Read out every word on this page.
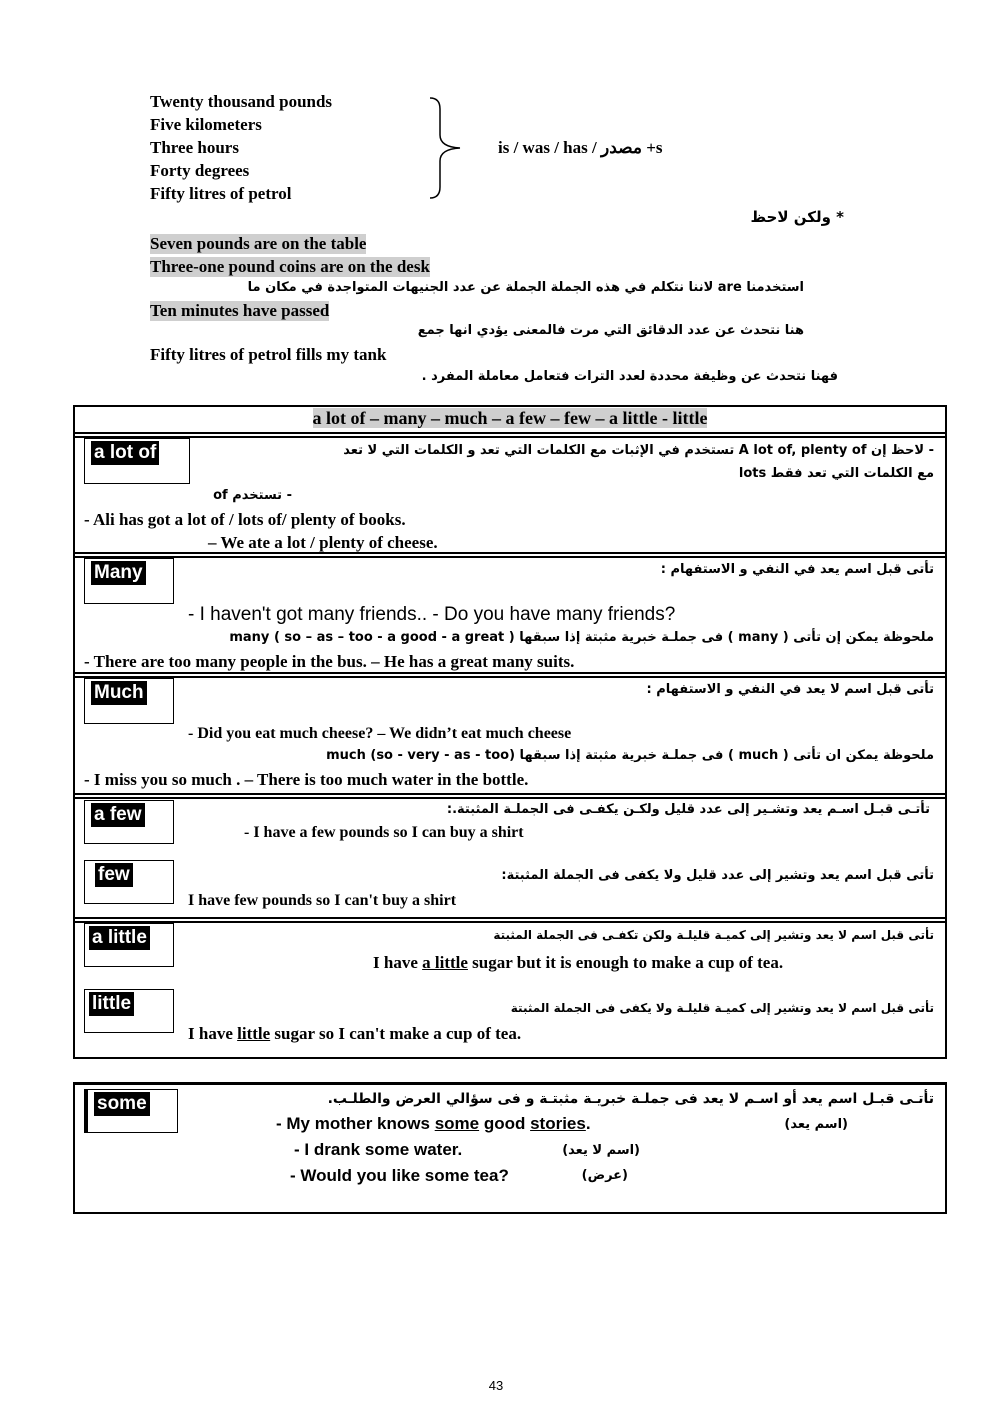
Twenty thousand pounds
Five kilometers
Three hours
Forty degrees
Fifty litres of petrol
is / was / has / مصدر +s
* ولكن لاحظ
Seven pounds are on the table
Three-one pound coins are on the desk
استخدمنا are لاننا نتكلم في هذه الجملة الجملة عن عدد الجنيهات المتواجدة في مكان ما
Ten minutes have passed
هنا نتحدث عن عدد الدقائق التي مرت فالمعنى يؤدي انها جمع
Fifty litres of petrol fills my tank
فهنا نتحدث عن وظيفة محددة لعدد الترات فتعامل معاملة المفرد .
a lot of – many – much – a few – few – a little - little
a lot of	- لاحظ إن A lot of, plenty of تستخدم في الإثبات مع الكلمات التي تعد و الكلمات التي لا تعد
lots مع الكلمات التي تعد فقط
- تستخدم of
- Ali has got a lot of / lots of/ plenty of books.
– We ate a lot / plenty of cheese.
Many	تأتى قبل اسم يعد في النفي و الاستفهام :
- I haven't got many friends.. - Do you have many friends?
ملحوظة يمكن إن تأتى ( many ) فى جملـة خبرية مثبتة إذا سبقها ( so – as – too - a good - a great ) many
- There are too many people in the bus. – He has a great many suits.
Much	تأتى قبل اسم لا يعد في النفي و الاستفهام :
- Did you eat much cheese? – We didn’t eat much cheese
ملحوظة يمكن ان تأتى ( much ) فى جملـة خبرية مثبتة إذا سبقها (so - very - as - too) much
- I miss you so much . – There is too much water in the bottle.
a few	تأتـى قبـل اسـم يعد وتشـير إلى عدد قليل ولكـن يكفـى فى الجملـة المثبتة.:
- I have a few pounds so I can buy a shirt
few	تأتى قبل اسم يعد وتشير إلى عدد قليل ولا يكفى فى الجملة المثبتة:
I have few pounds so I can't buy a shirt
a little	تأتى قبل اسم لا يعد وتشير إلى كميـة قليلـة ولكن تكفـى فى الجملة المثبتة
I have a little sugar but it is enough to make a cup of tea.
little	تأتى قبل اسم لا يعد وتشير إلى كميـة قليلـة ولا يكفى فى الجملة المثبتة
I have little sugar so I can't make a cup of tea.
some	تأتـى قبـل اسم يعد أو اسـم لا يعد فى جملـة خبريـة مثبتـة و فى سؤالي العرض والطلـب.
- My mother knows some good stories.	(اسم يعد)
- I drank some water.	(اسم لا يعد)
- Would you like some tea?	(عرض)
43
